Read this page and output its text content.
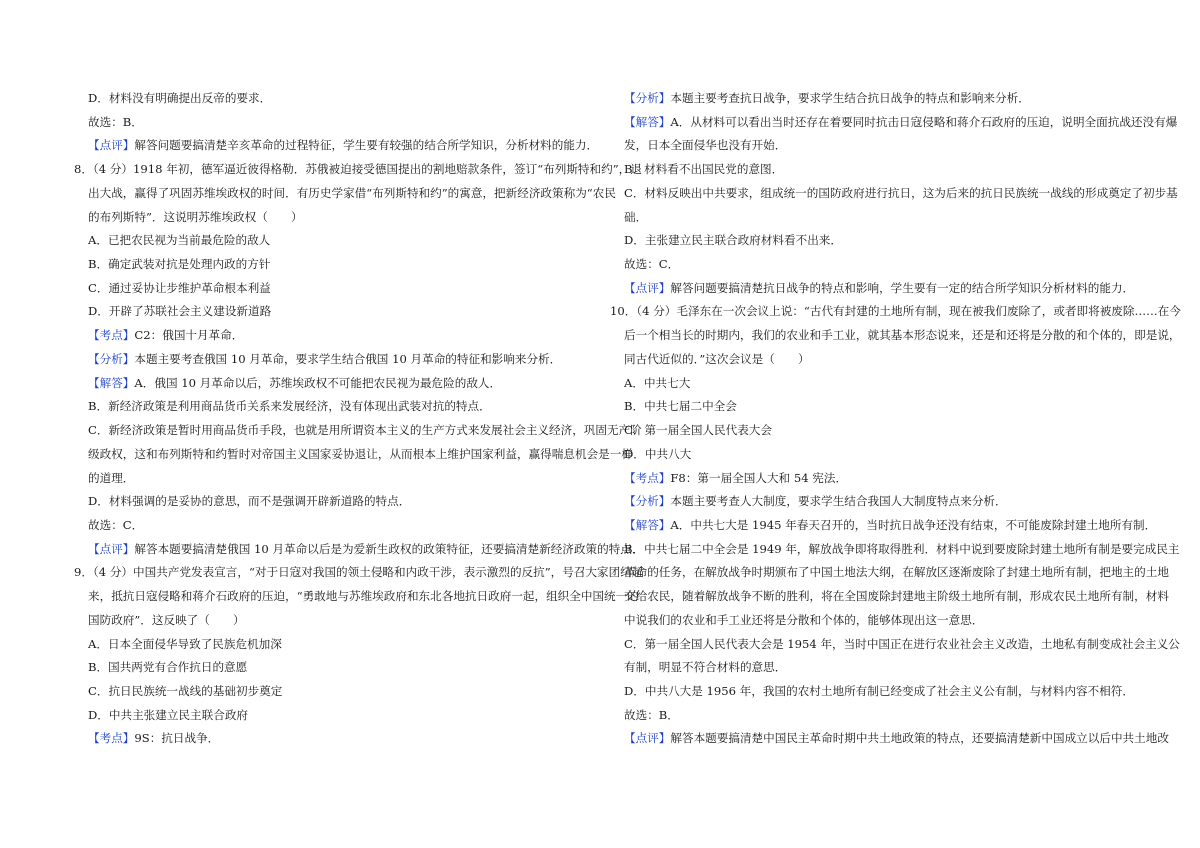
D．材料没有明确提出反帝的要求．
故选：B．
【点评】解答问题要搞清楚辛亥革命的过程特征，学生要有较强的结合所学知识，分析材料的能力．
8．（4 分）1918 年初，德军逼近彼得格勒．苏俄被迫接受德国提出的割地赔款条件，签订“布列斯特和约”，退
出大战，赢得了巩固苏维埃政权的时间．有历史学家借“布列斯特和约”的寓意，把新经济政策称为“农民
的布列斯特”．这说明苏维埃政权（　　）
A．已把农民视为当前最危险的敌人
B．确定武装对抗是处理内政的方针
C．通过妥协让步维护革命根本利益
D．开辟了苏联社会主义建设新道路
【考点】C2：俄国十月革命．
【分析】本题主要考查俄国 10 月革命，要求学生结合俄国 10 月革命的特征和影响来分析．
【解答】A．俄国 10 月革命以后，苏维埃政权不可能把农民视为最危险的敌人．
B．新经济政策是利用商品货币关系来发展经济，没有体现出武装对抗的特点．
C．新经济政策是暂时用商品货币手段，也就是用所谓资本主义的生产方式来发展社会主义经济，巩固无产阶
级政权，这和布列斯特和约暂时对帝国主义国家妥协退让，从而根本上维护国家利益，赢得喘息机会是一样
的道理．
D．材料强调的是妥协的意思，而不是强调开辟新道路的特点．
故选：C．
【点评】解答本题要搞清楚俄国 10 月革命以后是为爱新生政权的政策特征，还要搞清楚新经济政策的特点．
9．（4 分）中国共产党发表宣言，“对于日寇对我国的领土侵略和内政干涉，表示激烈的反抗”，号召大家团结起
来，抵抗日寇侵略和蒋介石政府的压迫，“勇敢地与苏维埃政府和东北各地抗日政府一起，组织全中国统一的
国防政府”．这反映了（　　）
A．日本全面侵华导致了民族危机加深
B．国共两党有合作抗日的意愿
C．抗日民族统一战线的基础初步奠定
D．中共主张建立民主联合政府
【考点】9S：抗日战争．
【分析】本题主要考查抗日战争，要求学生结合抗日战争的特点和影响来分析．
【解答】A．从材料可以看出当时还存在着要同时抗击日寇侵略和蒋介石政府的压迫，说明全面抗战还没有爆
发，日本全面侵华也没有开始．
B．材料看不出国民党的意图．
C．材料反映出中共要求，组成统一的国防政府进行抗日，这为后来的抗日民族统一战线的形成奠定了初步基
础．
D．主张建立民主联合政府材料看不出来．
故选：C．
【点评】解答问题要搞清楚抗日战争的特点和影响，学生要有一定的结合所学知识分析材料的能力．
10．（4 分）毛泽东在一次会议上说：“古代有封建的土地所有制，现在被我们废除了，或者即将被废除……在今
后一个相当长的时期内，我们的农业和手工业，就其基本形态说来，还是和还将是分散的和个体的，即是说，
同古代近似的．”这次会议是（　　）
A．中共七大
B．中共七届二中全会
C．第一届全国人民代表大会
D．中共八大
【考点】F8：第一届全国人大和 54 宪法．
【分析】本题主要考查人大制度，要求学生结合我国人大制度特点来分析．
【解答】A．中共七大是 1945 年春天召开的，当时抗日战争还没有结束，不可能废除封建土地所有制．
B．中共七届二中全会是 1949 年，解放战争即将取得胜利．材料中说到要废除封建土地所有制是要完成民主
革命的任务，在解放战争时期颁布了中国土地法大纲，在解放区逐渐废除了封建土地所有制，把地主的土地
交给农民，随着解放战争不断的胜利，将在全国废除封建地主阶级土地所有制，形成农民土地所有制，材料
中说我们的农业和手工业还将是分散和个体的，能够体现出这一意思．
C．第一届全国人民代表大会是 1954 年，当时中国正在进行农业社会主义改造，土地私有制变成社会主义公
有制，明显不符合材料的意思．
D．中共八大是 1956 年，我国的农村土地所有制已经变成了社会主义公有制，与材料内容不相符．
故选：B．
【点评】解答本题要搞清楚中国民主革命时期中共土地政策的特点，还要搞清楚新中国成立以后中共土地改
